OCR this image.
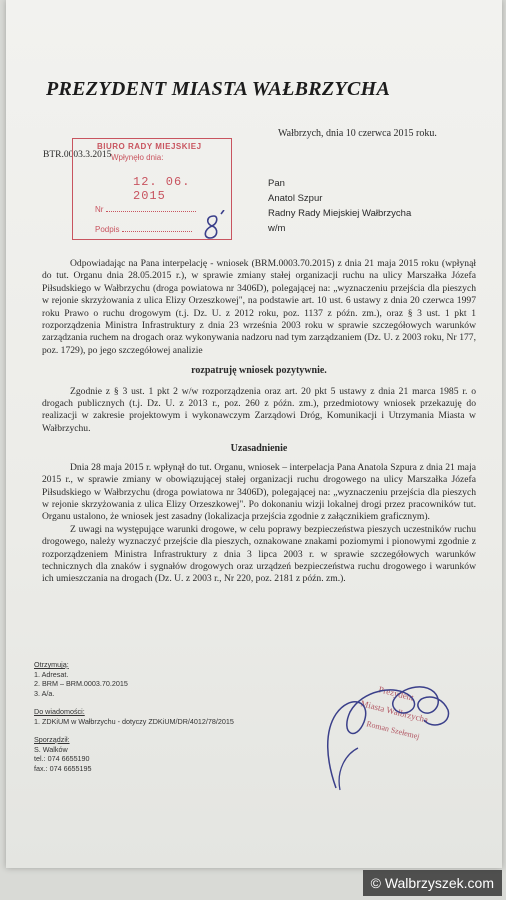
PREZYDENT MIASTA WAŁBRZYCHA
BTR.0003.3.2015
BIURO RADY MIEJSKIEJ
Wpłynęło dnia:
12. 06. 2015
Nr
Podpis
8
Wałbrzych, dnia 10 czerwca 2015 roku.
Pan
Anatol Szpur
Radny Rady Miejskiej Wałbrzycha
w/m

Odpowiadając na Pana interpelację - wniosek (BRM.0003.70.2015) z dnia 21 maja 2015 roku (wpłynął do tut. Organu dnia 28.05.2015 r.), w sprawie zmiany stałej organizacji ruchu na ulicy Marszałka Józefa Piłsudskiego w Wałbrzychu (droga powiatowa nr 3406D), polegającej na: „wyznaczeniu przejścia dla pieszych w rejonie skrzyżowania z ulica Elizy Orzeszkowej", na podstawie art. 10 ust. 6 ustawy z dnia 20 czerwca 1997 roku Prawo o ruchu drogowym (t.j. Dz. U. z 2012 roku, poz. 1137 z późn. zm.), oraz § 3 ust. 1 pkt 1 rozporządzenia Ministra Infrastruktury z dnia 23 września 2003 roku w sprawie szczegółowych warunków zarządzania ruchem na drogach oraz wykonywania nadzoru nad tym zarządzaniem (Dz. U. z 2003 roku, Nr 177, poz. 1729), po jego szczegółowej analizie

rozpatruję wniosek pozytywnie.

Zgodnie z § 3 ust. 1 pkt 2 w/w rozporządzenia oraz art. 20 pkt 5 ustawy z dnia 21 marca 1985 r. o drogach publicznych (t.j. Dz. U. z 2013 r., poz. 260 z późn. zm.), przedmiotowy wniosek przekazuję do realizacji w zakresie projektowym i wykonawczym Zarządowi Dróg, Komunikacji i Utrzymania Miasta w Wałbrzychu.

Uzasadnienie

Dnia 28 maja 2015 r. wpłynął do tut. Organu, wniosek – interpelacja Pana Anatola Szpura z dnia 21 maja 2015 r., w sprawie zmiany w obowiązującej stałej organizacji ruchu drogowego na ulicy Marszałka Józefa Piłsudskiego w Wałbrzychu (droga powiatowa nr 3406D), polegającej na: „wyznaczeniu przejścia dla pieszych w rejonie skrzyżowania z ulica Elizy Orzeszkowej". Po dokonaniu wizji lokalnej drogi przez pracowników tut. Organu ustalono, że wniosek jest zasadny (lokalizacja przejścia zgodnie z załącznikiem graficznym).

Z uwagi na występujące warunki drogowe, w celu poprawy bezpieczeństwa pieszych uczestników ruchu drogowego, należy wyznaczyć przejście dla pieszych, oznakowane znakami poziomymi i pionowymi zgodnie z rozporządzeniem Ministra Infrastruktury z dnia 3 lipca 2003 r. w sprawie szczegółowych warunków technicznych dla znaków i sygnałów drogowych oraz urządzeń bezpieczeństwa ruchu drogowego i warunków ich umieszczania na drogach (Dz. U. z 2003 r., Nr 220, poz. 2181 z późn. zm.).

Otrzymują:
1. Adresat.
2. BRM – BRM.0003.70.2015
3. A/a.
Do wiadomości:
1. ZDKiUM w Wałbrzychu - dotyczy ZDKiUM/DR/4012/78/2015
Sporządził:
S. Walków
tel.: 074 6655190
fax.: 074 6655195
Prezydent
Miasta Wałbrzycha
Roman Szełemej
© Walbrzyszek.com
